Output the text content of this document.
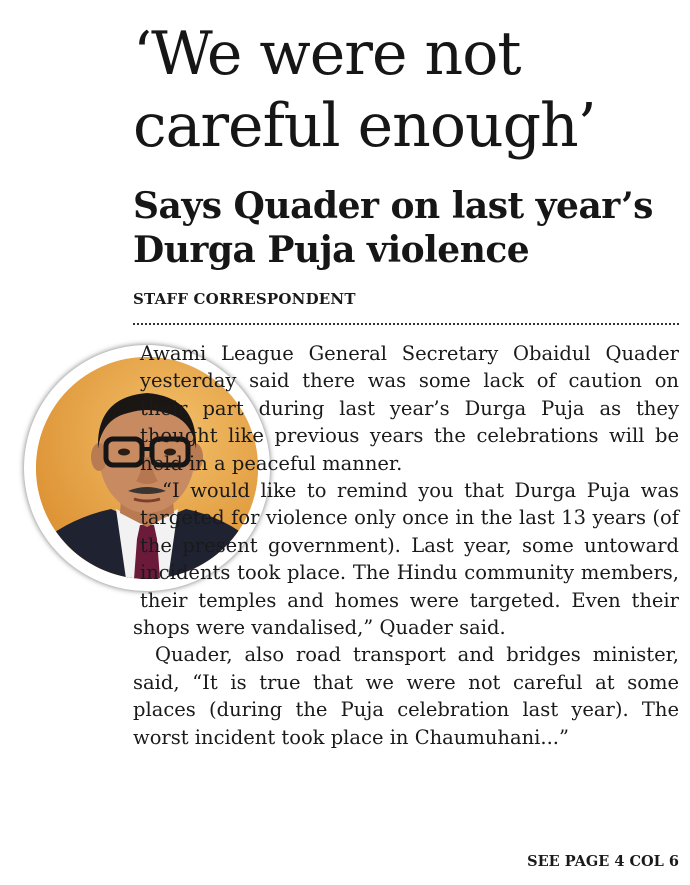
‘We were not
careful enough’
Says Quader on last year’s
Durga Puja violence
STAFF CORRESPONDENT

Awami League General Secretary Obaidul Quader yesterday said there was some lack of caution on their part during last year’s Durga Puja as they thought like previous years the celebrations will be held in a peaceful manner.

“I would like to remind you that Durga Puja was targeted for violence only once in the last 13 years (of the present government). Last year, some untoward incidents took place. The Hindu community members, their temples and homes were targeted. Even their shops were vandalised,” Quader said.

Quader, also road transport and bridges minister, said, “It is true that we were not careful at some places (during the Puja celebration last year). The worst incident took place in Chaumuhani...”

SEE PAGE 4 COL 6
